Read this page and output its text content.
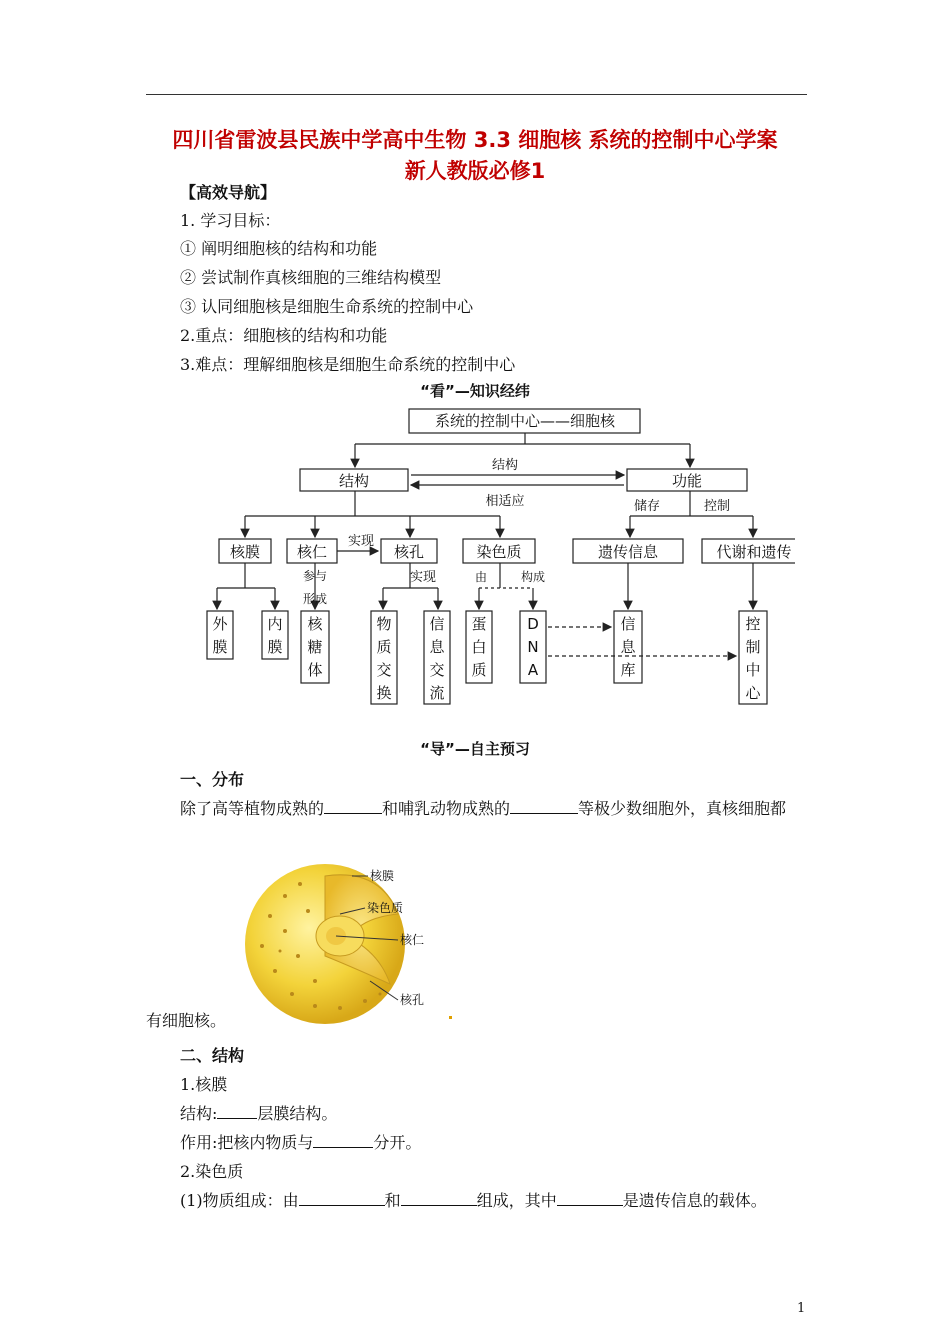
四川省雷波县民族中学高中生物 3.3 细胞核 系统的控制中心学案
新人教版必修1
【高效导航】
1. 学习目标：
① 阐明细胞核的结构和功能
② 尝试制作真核细胞的三维结构模型
③ 认同细胞核是细胞生命系统的控制中心
2.重点：细胞核的结构和功能
3.难点：理解细胞核是细胞生命系统的控制中心
“看”—知识经纬
系统的控制中心——细胞核
结构	功能
结构
相适应	储存	控制
核膜 核仁	核孔	染色质	遗传信息	代谢和遗传
实现
实现
参与
形成
由	构成
外膜
内膜
核糖体
物质交换
信息交流
蛋白质
D N A
信息库
控制中心
“导”—自主预习
一、分布
除了高等植物成熟的	和哺乳动物成熟的	等极少数细胞外，真核细胞都
核膜
染色质
核仁
核孔
有细胞核。
二、结构
1.核膜
结构:	层膜结构。
作用:把核内物质与	分开。
2.染色质
(1)物质组成：由	和	组成，其中	是遗传信息的载体。
1
